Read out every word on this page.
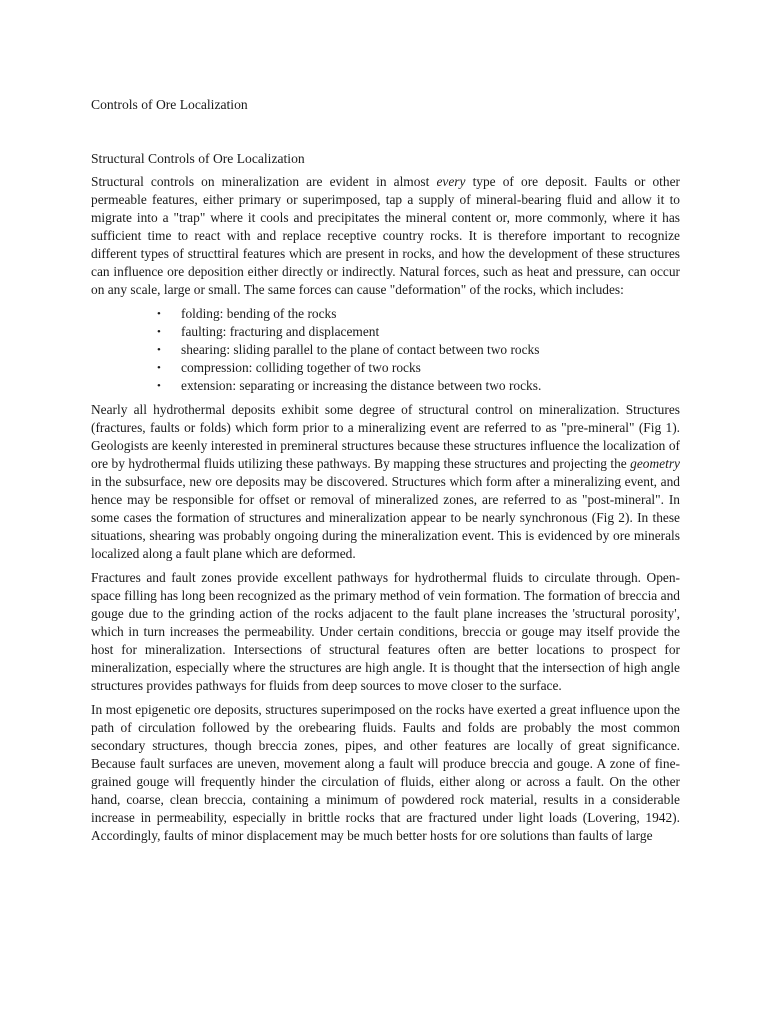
Controls of Ore Localization
Structural Controls of Ore Localization

Structural controls on mineralization are evident in almost every type of ore deposit. Faults or other permeable features, either primary or superimposed, tap a supply of mineral-bearing fluid and allow it to migrate into a "trap" where it cools and precipitates the mineral content or, more commonly, where it has sufficient time to react with and replace receptive country rocks. It is therefore important to recognize different types of structtiral features which are present in rocks, and how the development of these structures can influence ore deposition either directly or indirectly. Natural forces, such as heat and pressure, can occur on any scale, large or small. The same forces can cause "deformation" of the rocks, which includes:

• folding: bending of the rocks
• faulting: fracturing and displacement
• shearing: sliding parallel to the plane of contact between two rocks
• compression: colliding together of two rocks
• extension: separating or increasing the distance between two rocks.

Nearly all hydrothermal deposits exhibit some degree of structural control on mineralization. Structures (fractures, faults or folds) which form prior to a mineralizing event are referred to as "pre-mineral" (Fig 1). Geologists are keenly interested in premineral structures because these structures influence the localization of ore by hydrothermal fluids utilizing these pathways. By mapping these structures and projecting the geometry in the subsurface, new ore deposits may be discovered. Structures which form after a mineralizing event, and hence may be responsible for offset or removal of mineralized zones, are referred to as "post-mineral". In some cases the formation of structures and mineralization appear to be nearly synchronous (Fig 2). In these situations, shearing was probably ongoing during the mineralization event. This is evidenced by ore minerals localized along a fault plane which are deformed.

Fractures and fault zones provide excellent pathways for hydrothermal fluids to circulate through. Open-space filling has long been recognized as the primary method of vein formation. The formation of breccia and gouge due to the grinding action of the rocks adjacent to the fault plane increases the 'structural porosity', which in turn increases the permeability. Under certain conditions, breccia or gouge may itself provide the host for mineralization. Intersections of structural features often are better locations to prospect for mineralization, especially where the structures are high angle. It is thought that the intersection of high angle structures provides pathways for fluids from deep sources to move closer to the surface.

In most epigenetic ore deposits, structures superimposed on the rocks have exerted a great influence upon the path of circulation followed by the orebearing fluids. Faults and folds are probably the most common secondary structures, though breccia zones, pipes, and other features are locally of great significance. Because fault surfaces are uneven, movement along a fault will produce breccia and gouge. A zone of fine-grained gouge will frequently hinder the circulation of fluids, either along or across a fault. On the other hand, coarse, clean breccia, containing a minimum of powdered rock material, results in a considerable increase in permeability, especially in brittle rocks that are fractured under light loads (Lovering, 1942). Accordingly, faults of minor displacement may be much better hosts for ore solutions than faults of large
